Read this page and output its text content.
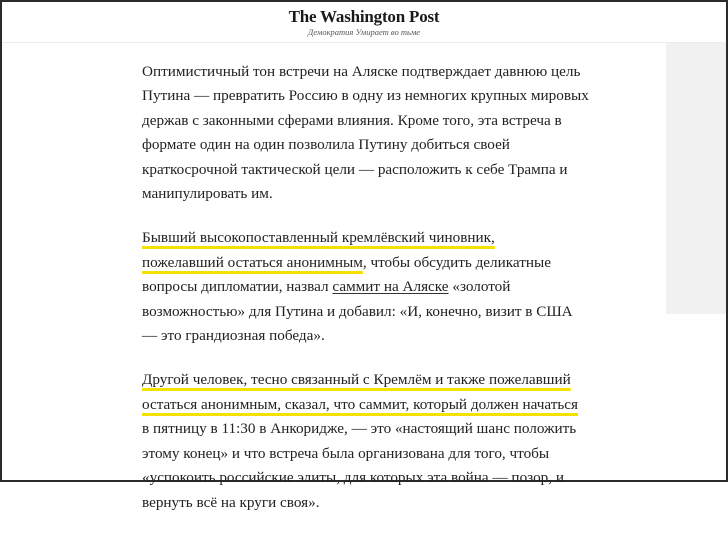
The Washington Post
Демократия Умирает во тьме

Оптимистичный тон встречи на Аляске подтверждает давнюю цель
Путина — превратить Россию в одну из немногих крупных мировых
держав с законными сферами влияния. Кроме того, эта встреча в
формате один на один позволила Путину добиться своей
краткосрочной тактической цели — расположить к себе Трампа и
манипулировать им.

Бывший высокопоставленный кремлёвский чиновник,
пожелавший остаться анонимным, чтобы обсудить деликатные
вопросы дипломатии, назвал саммит на Аляске «золотой
возможностью» для Путина и добавил: «И, конечно, визит в США
— это грандиозная победа».

Другой человек, тесно связанный с Кремлём и также пожелавший
остаться анонимным, сказал, что саммит, который должен начаться
в пятницу в 11:30 в Анкоридже, — это «настоящий шанс положить
этому конец» и что встреча была организована для того, чтобы
«успокоить российские элиты, для которых эта война — позор, и
вернуть всё на круги своя».
